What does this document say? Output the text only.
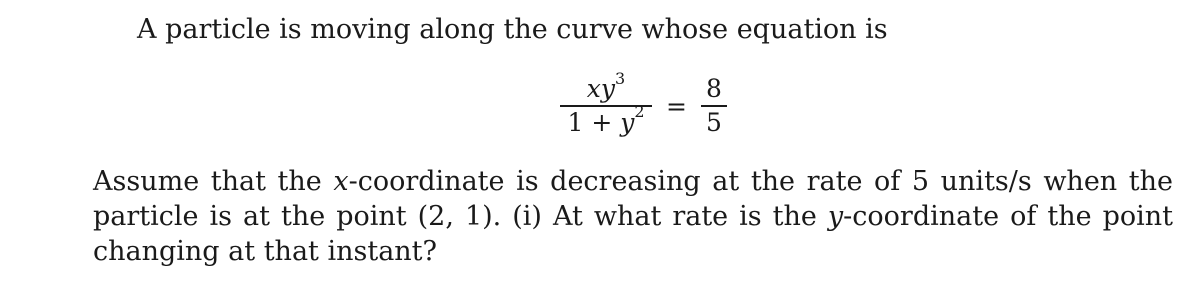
A particle is moving along the curve whose equation is
$\frac{xy^3}{1 + y^2} = \frac{8}{5}$
Assume that the x-coordinate is decreasing at the rate of 5 units/s when the particle is at the point (2, 1). (i) At what rate is the y-coordinate of the point changing at that instant?
